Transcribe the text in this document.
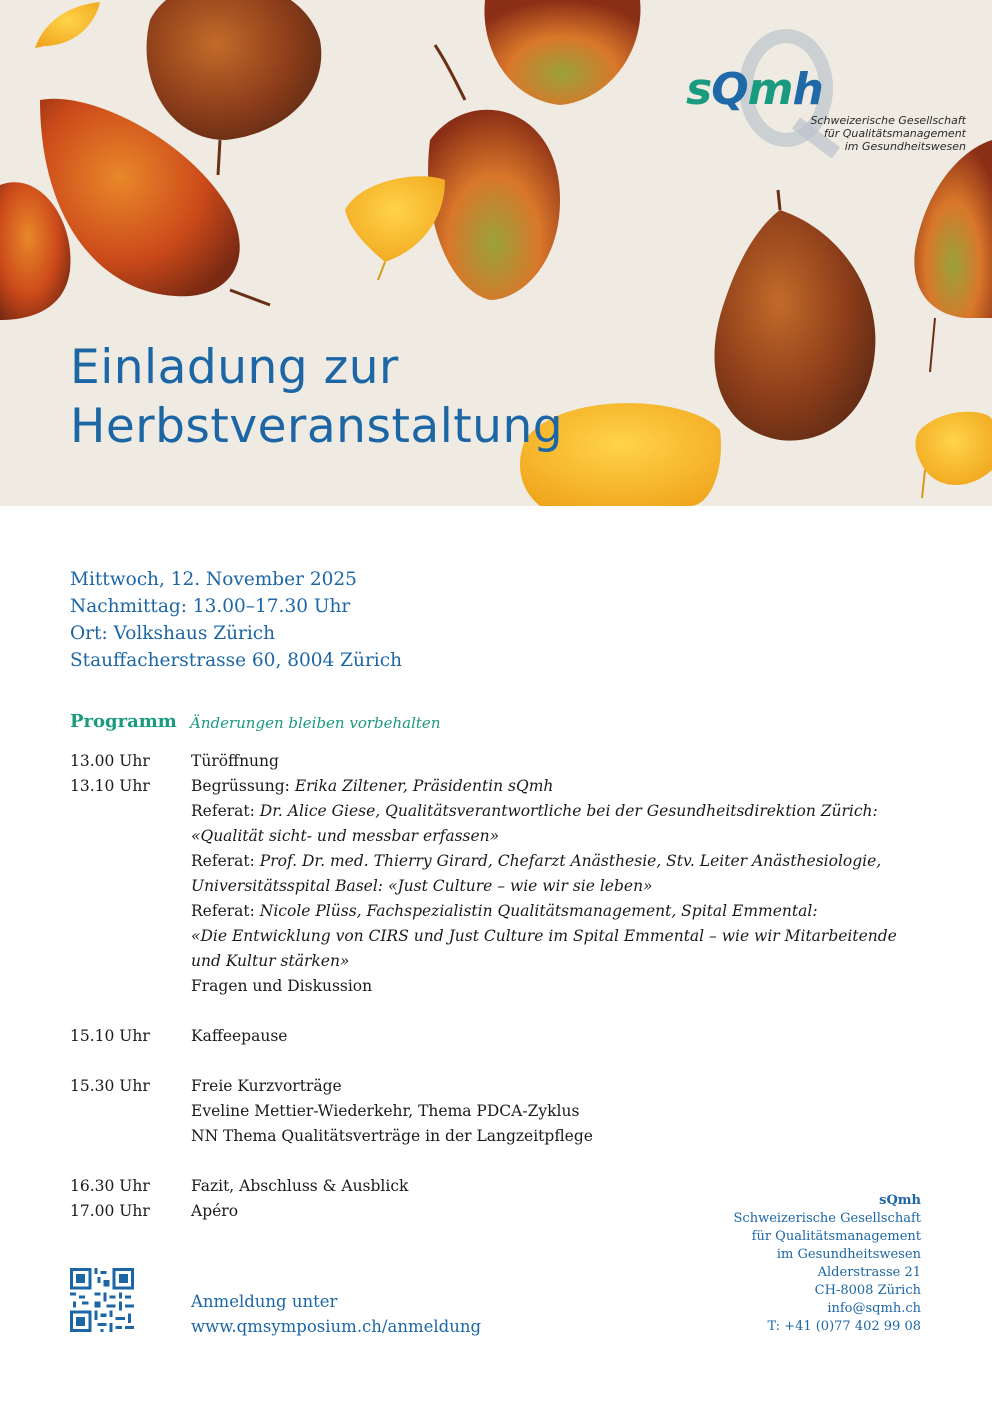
sQmh
Schweizerische Gesellschaft
für Qualitätsmanagement
im Gesundheitswesen
Einladung zur
Herbstveranstaltung
Mittwoch, 12. November 2025
Nachmittag: 13.00–17.30 Uhr
Ort: Volkshaus Zürich
Stauffacherstrasse 60, 8004 Zürich
Programm Änderungen bleiben vorbehalten
13.00 Uhr	Türöffnung
13.10 Uhr	Begrüssung: Erika Ziltener, Präsidentin sQmh
Referat: Dr. Alice Giese, Qualitätsverantwortliche bei der Gesundheitsdirektion Zürich:
«Qualität sicht- und messbar erfassen»
Referat: Prof. Dr. med. Thierry Girard, Chefarzt Anästhesie, Stv. Leiter Anästhesiologie,
Universitätsspital Basel: «Just Culture – wie wir sie leben»
Referat: Nicole Plüss, Fachspezialistin Qualitätsmanagement, Spital Emmental:
«Die Entwicklung von CIRS und Just Culture im Spital Emmental – wie wir Mitarbeitende
und Kultur stärken»
Fragen und Diskussion
15.10 Uhr	Kaffeepause
15.30 Uhr	Freie Kurzvorträge
Eveline Mettier-Wiederkehr, Thema PDCA-Zyklus
NN Thema Qualitätsverträge in der Langzeitpflege
16.30 Uhr	Fazit, Abschluss & Ausblick
17.00 Uhr	Apéro
sQmh
Schweizerische Gesellschaft
für Qualitätsmanagement
im Gesundheitswesen
Alderstrasse 21
CH-8008 Zürich
info@sqmh.ch
T: +41 (0)77 402 99 08
Anmeldung unter
www.qmsymposium.ch/anmeldung
